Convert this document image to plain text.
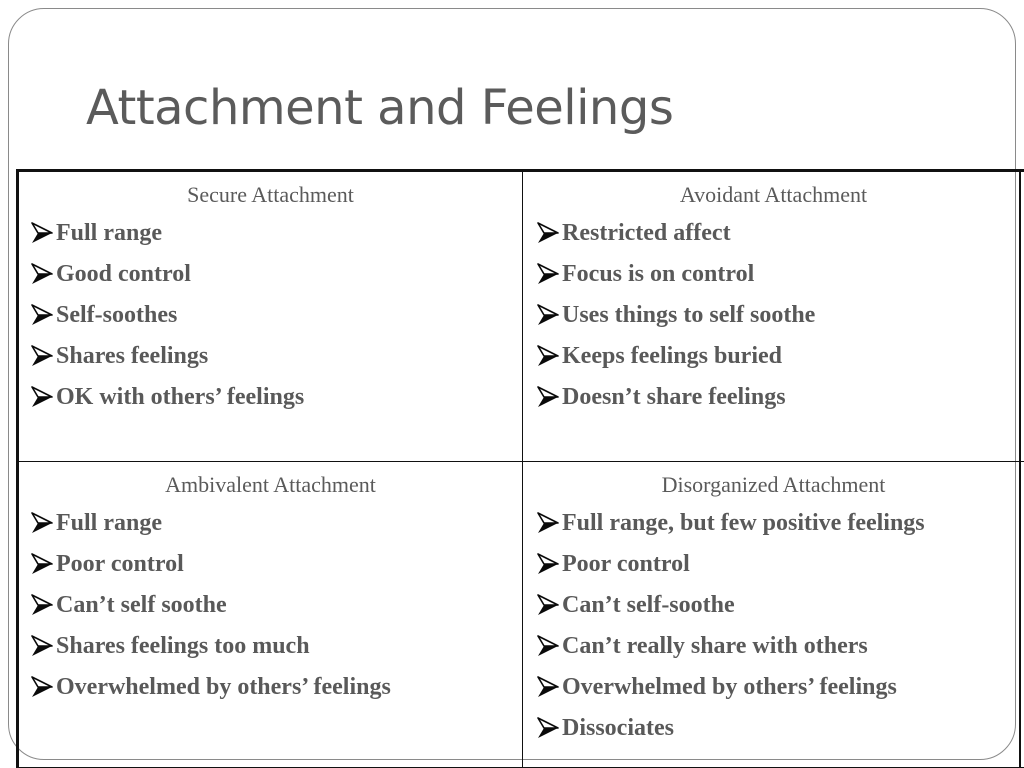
Attachment and Feelings
Secure Attachment
Full range
Good control
Self-soothes
Shares feelings
OK with others’ feelings
Avoidant Attachment
Restricted affect
Focus is on control
Uses things to self soothe
Keeps feelings buried
Doesn’t share feelings
Ambivalent Attachment
Full range
Poor control
Can’t self soothe
Shares feelings too much
Overwhelmed by others’ feelings
Disorganized Attachment
Full range, but few positive feelings
Poor control
Can’t self-soothe
Can’t really share with others
Overwhelmed by others’ feelings
Dissociates
